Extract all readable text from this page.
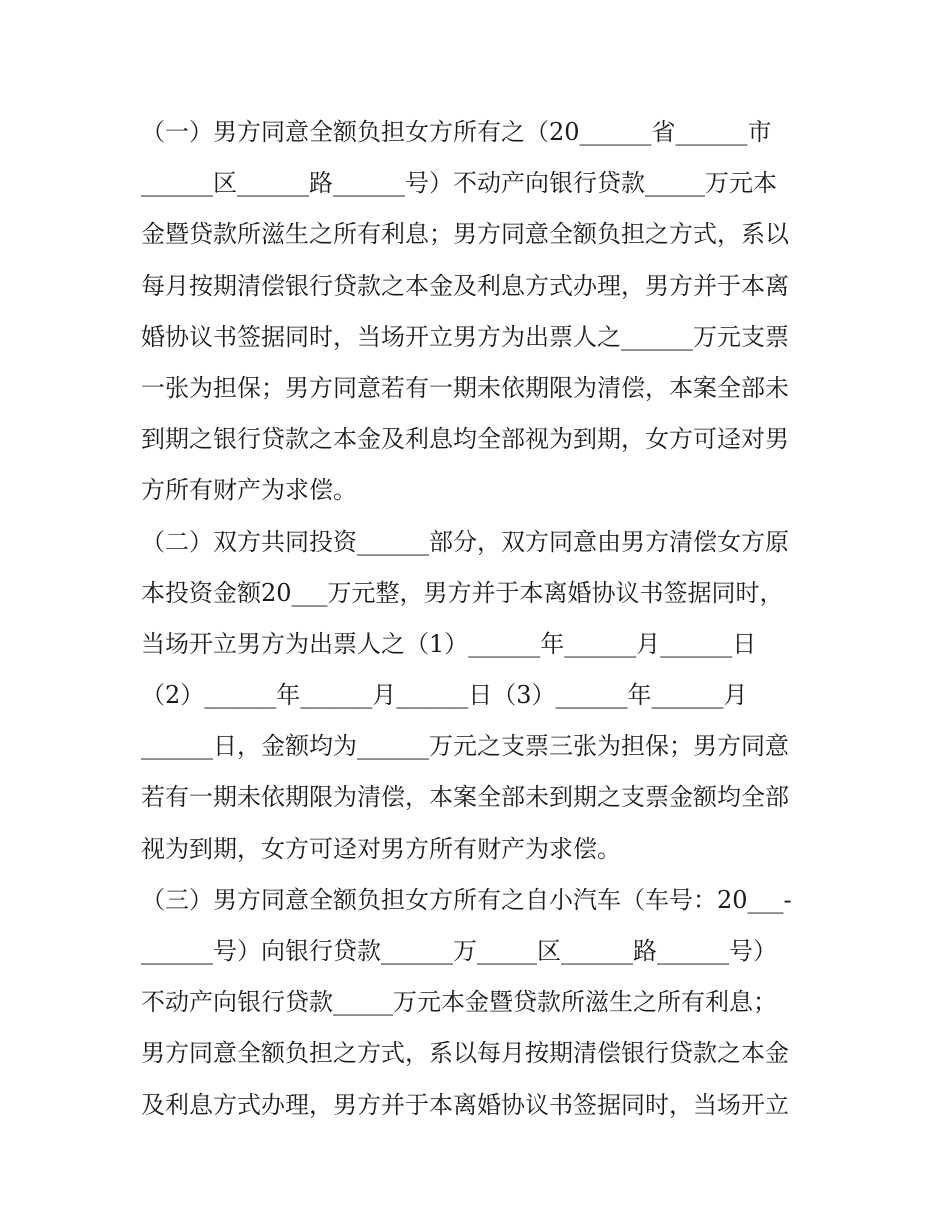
（一）男方同意全额负担女方所有之（20______省______市
______区______路______号）不动产向银行贷款_____万元本
金暨贷款所滋生之所有利息；男方同意全额负担之方式，系以
每月按期清偿银行贷款之本金及利息方式办理，男方并于本离
婚协议书签据同时，当场开立男方为出票人之______万元支票
一张为担保；男方同意若有一期未依期限为清偿，本案全部未
到期之银行贷款之本金及利息均全部视为到期，女方可迳对男
方所有财产为求偿。
（二）双方共同投资______部分，双方同意由男方清偿女方原
本投资金额20___万元整，男方并于本离婚协议书签据同时，
当场开立男方为出票人之（1）______年______月______日
（2）______年______月______日（3）______年______月
______日，金额均为______万元之支票三张为担保；男方同意
若有一期未依期限为清偿，本案全部未到期之支票金额均全部
视为到期，女方可迳对男方所有财产为求偿。
（三）男方同意全额负担女方所有之自小汽车（车号：20___-
______号）向银行贷款______万_____区______路______号）
不动产向银行贷款_____万元本金暨贷款所滋生之所有利息；
男方同意全额负担之方式，系以每月按期清偿银行贷款之本金
及利息方式办理，男方并于本离婚协议书签据同时，当场开立
